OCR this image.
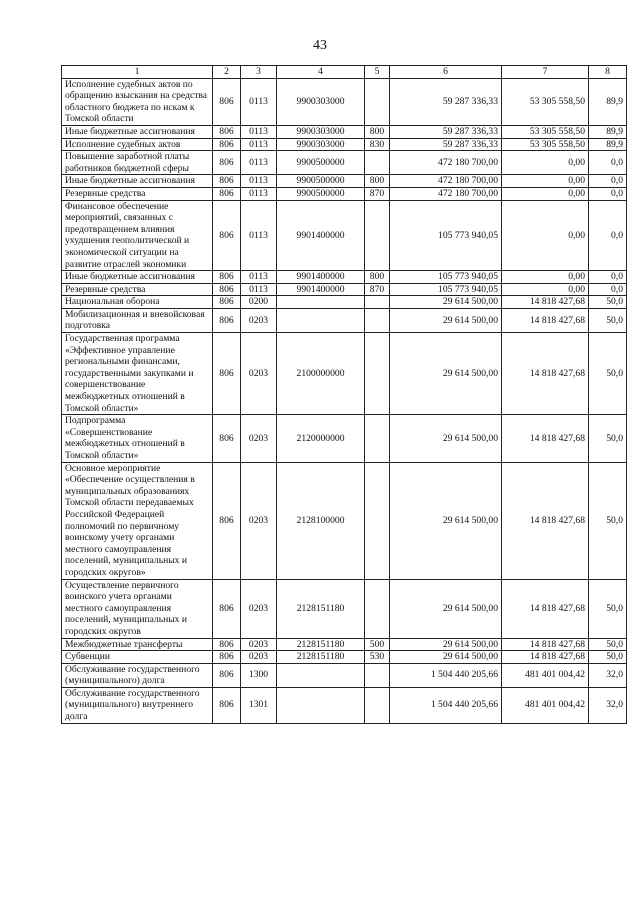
43
1	2	3	4	5	6	7	8
Исполнение судебных актов по обращению взыскания на средства областного бюджета по искам к Томской области	806	0113	9900303000		59 287 336,33	53 305 558,50	89,9
Иные бюджетные ассигнования	806	0113	9900303000	800	59 287 336,33	53 305 558,50	89,9
Исполнение судебных актов	806	0113	9900303000	830	59 287 336,33	53 305 558,50	89,9
Повышение заработной платы работников бюджетной сферы	806	0113	9900500000		472 180 700,00	0,00	0,0
Иные бюджетные ассигнования	806	0113	9900500000	800	472 180 700,00	0,00	0,0
Резервные средства	806	0113	9900500000	870	472 180 700,00	0,00	0,0
Финансовое обеспечение мероприятий, связанных с предотвращением влияния ухудшения геополитической и экономической ситуации на развитие отраслей экономики	806	0113	9901400000		105 773 940,05	0,00	0,0
Иные бюджетные ассигнования	806	0113	9901400000	800	105 773 940,05	0,00	0,0
Резервные средства	806	0113	9901400000	870	105 773 940,05	0,00	0,0
Национальная оборона	806	0200			29 614 500,00	14 818 427,68	50,0
Мобилизационная и вневойсковая подготовка	806	0203			29 614 500,00	14 818 427,68	50,0
Государственная программа «Эффективное управление региональными финансами, государственными закупками и совершенствование межбюджетных отношений в Томской области»	806	0203	2100000000		29 614 500,00	14 818 427,68	50,0
Подпрограмма «Совершенствование межбюджетных отношений в Томской области»	806	0203	2120000000		29 614 500,00	14 818 427,68	50,0
Основное мероприятие «Обеспечение осуществления в муниципальных образованиях Томской области передаваемых Российской Федерацией полномочий по первичному воинскому учету органами местного самоуправления поселений, муниципальных и городских округов»	806	0203	2128100000		29 614 500,00	14 818 427,68	50,0
Осуществление первичного воинского учета органами местного самоуправления поселений, муниципальных и городских округов	806	0203	2128151180		29 614 500,00	14 818 427,68	50,0
Межбюджетные трансферты	806	0203	2128151180	500	29 614 500,00	14 818 427,68	50,0
Субвенции	806	0203	2128151180	530	29 614 500,00	14 818 427,68	50,0
Обслуживание государственного (муниципального) долга	806	1300			1 504 440 205,66	481 401 004,42	32,0
Обслуживание государственного (муниципального) внутреннего долга	806	1301			1 504 440 205,66	481 401 004,42	32,0
